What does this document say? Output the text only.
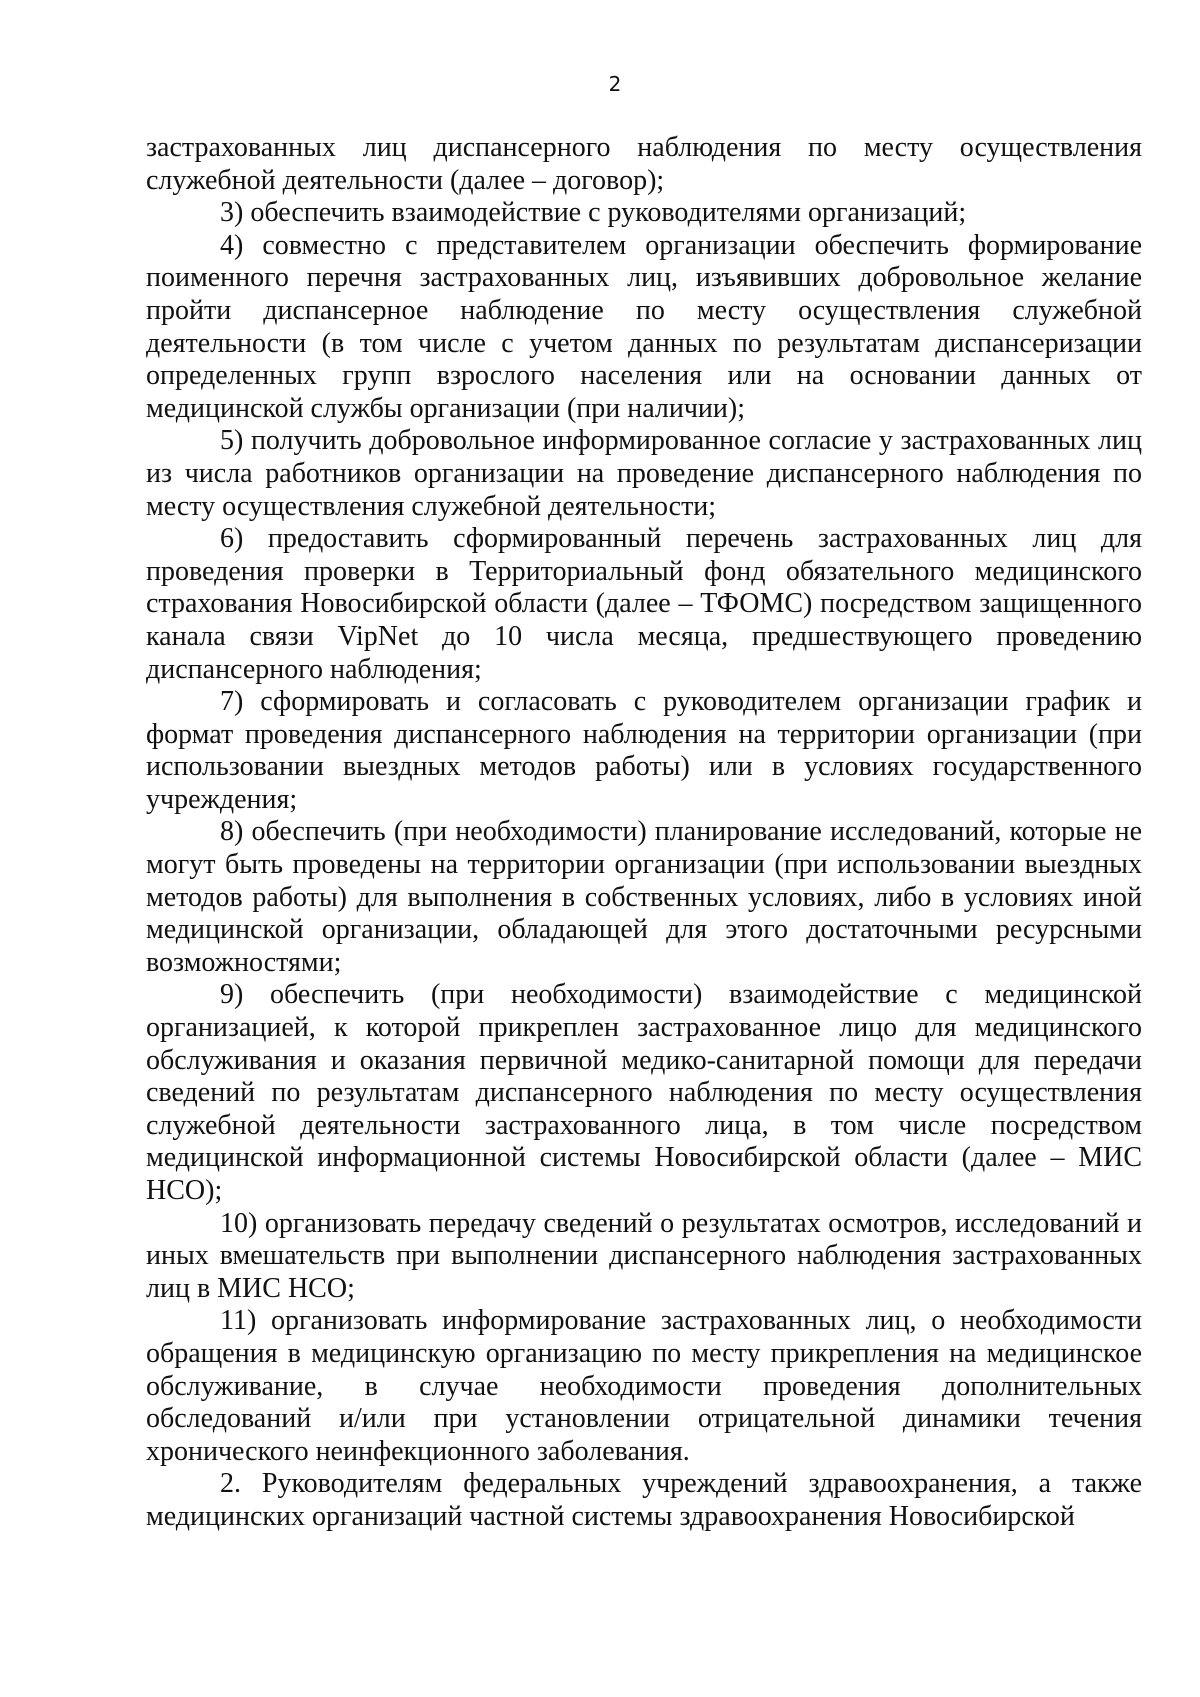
2

застрахованных лиц диспансерного наблюдения по месту осуществления служебной деятельности (далее – договор);

3) обеспечить взаимодействие с руководителями организаций;

4) совместно с представителем организации обеспечить формирование поименного перечня застрахованных лиц, изъявивших добровольное желание пройти диспансерное наблюдение по месту осуществления служебной деятельности (в том числе с учетом данных по результатам диспансеризации определенных групп взрослого населения или на основании данных от медицинской службы организации (при наличии);

5) получить добровольное информированное согласие у застрахованных лиц из числа работников организации на проведение диспансерного наблюдения по месту осуществления служебной деятельности;

6) предоставить сформированный перечень застрахованных лиц для проведения проверки в Территориальный фонд обязательного медицинского страхования Новосибирской области (далее – ТФОМС) посредством защищенного канала связи VipNet до 10 числа месяца, предшествующего проведению диспансерного наблюдения;

7) сформировать и согласовать с руководителем организации график и формат проведения диспансерного наблюдения на территории организации (при использовании выездных методов работы) или в условиях государственного учреждения;

8) обеспечить (при необходимости) планирование исследований, которые не могут быть проведены на территории организации (при использовании выездных методов работы) для выполнения в собственных условиях, либо в условиях иной медицинской организации, обладающей для этого достаточными ресурсными возможностями;

9) обеспечить (при необходимости) взаимодействие с медицинской организацией, к которой прикреплен застрахованное лицо для медицинского обслуживания и оказания первичной медико-санитарной помощи для передачи сведений по результатам диспансерного наблюдения по месту осуществления служебной деятельности застрахованного лица, в том числе посредством медицинской информационной системы Новосибирской области (далее – МИС НСО);

10) организовать передачу сведений о результатах осмотров, исследований и иных вмешательств при выполнении диспансерного наблюдения застрахованных лиц в МИС НСО;

11) организовать информирование застрахованных лиц, о необходимости обращения в медицинскую организацию по месту прикрепления на медицинское обслуживание, в случае необходимости проведения дополнительных обследований и/или при установлении отрицательной динамики течения хронического неинфекционного заболевания.

2. Руководителям федеральных учреждений здравоохранения, а также медицинских организаций частной системы здравоохранения Новосибирской
